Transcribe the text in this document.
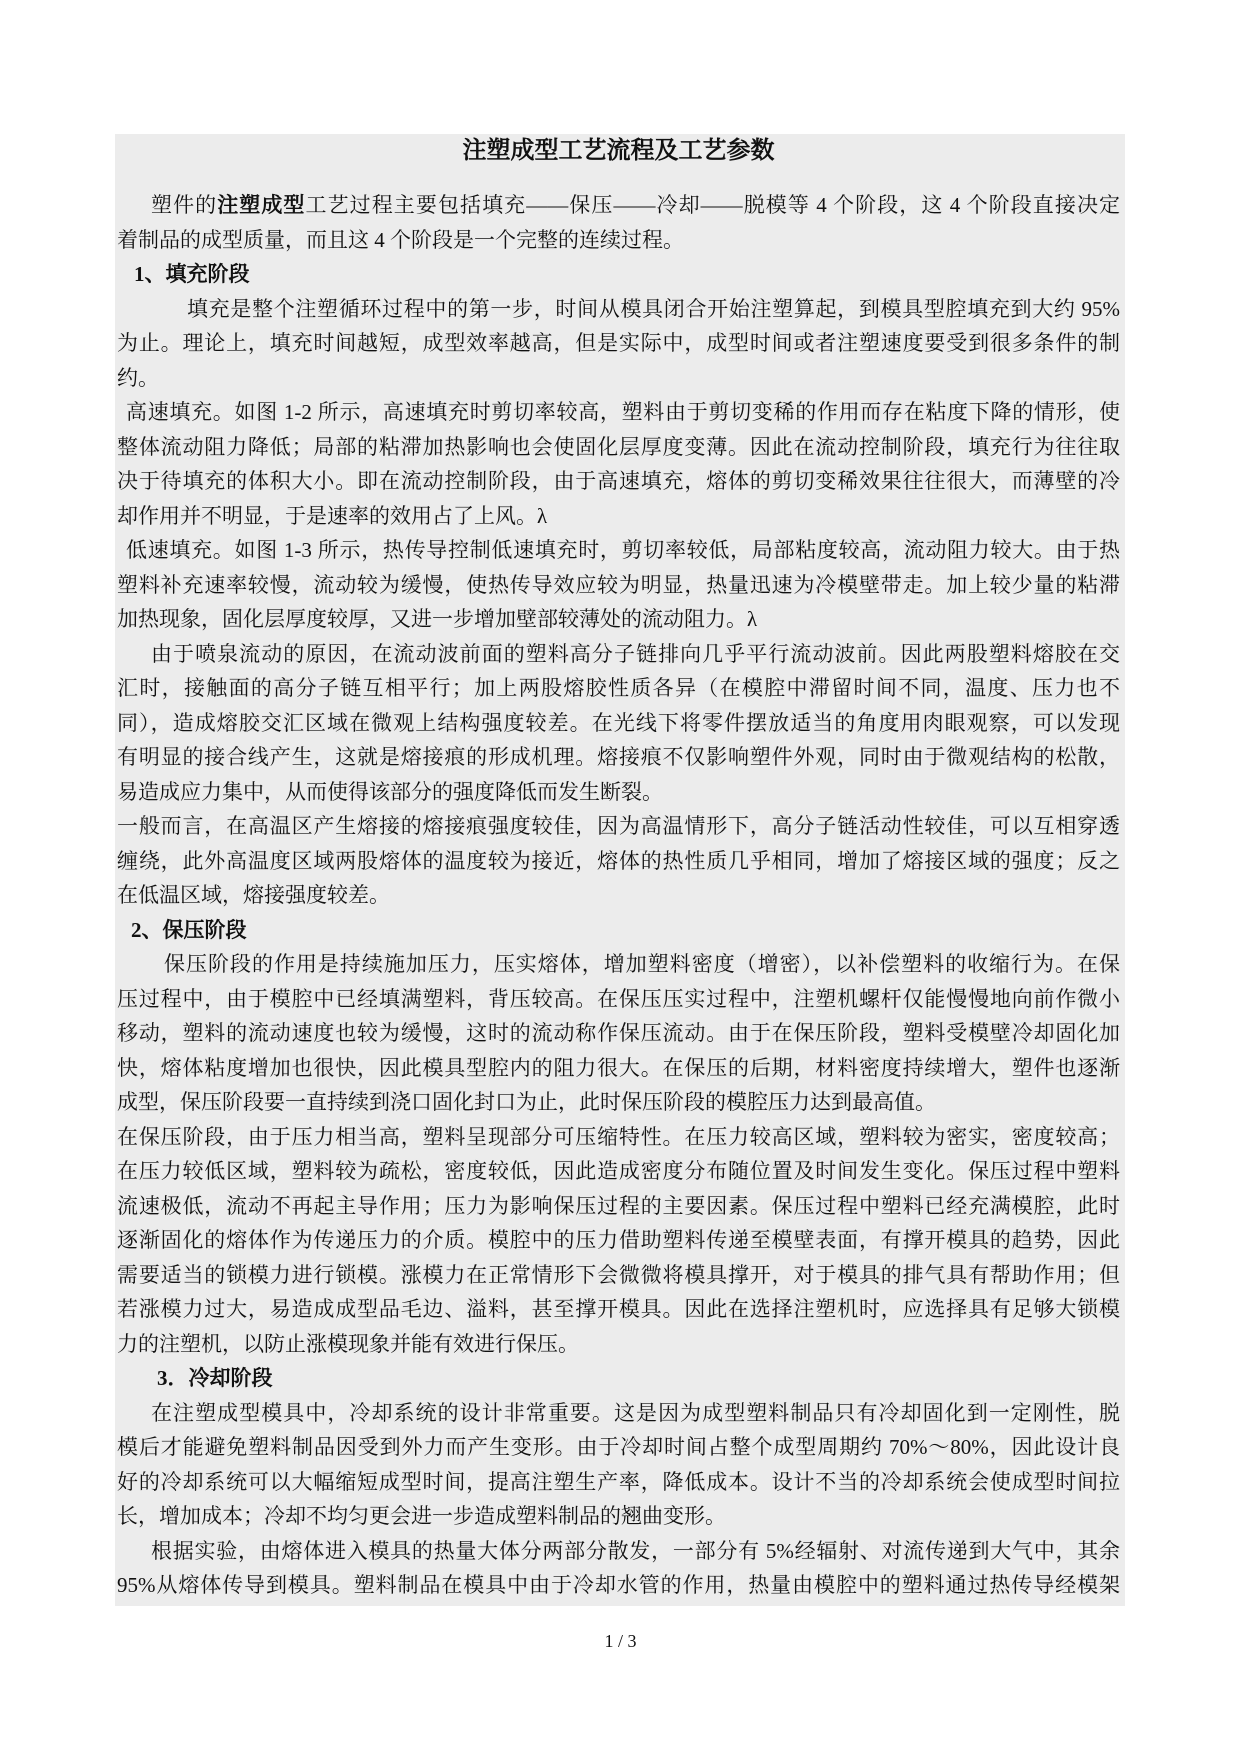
注塑成型工艺流程及工艺参数
塑件的注塑成型工艺过程主要包括填充——保压——冷却——脱模等 4 个阶段，这 4 个阶段直接决定
着制品的成型质量，而且这 4 个阶段是一个完整的连续过程。
1、填充阶段
填充是整个注塑循环过程中的第一步，时间从模具闭合开始注塑算起，到模具型腔填充到大约 95%
为止。理论上，填充时间越短，成型效率越高，但是实际中，成型时间或者注塑速度要受到很多条件的制
约。
高速填充。如图 1-2 所示，高速填充时剪切率较高，塑料由于剪切变稀的作用而存在粘度下降的情形，使
整体流动阻力降低；局部的粘滞加热影响也会使固化层厚度变薄。因此在流动控制阶段，填充行为往往取
决于待填充的体积大小。即在流动控制阶段，由于高速填充，熔体的剪切变稀效果往往很大，而薄壁的冷
却作用并不明显，于是速率的效用占了上风。λ
低速填充。如图 1-3 所示，热传导控制低速填充时，剪切率较低，局部粘度较高，流动阻力较大。由于热
塑料补充速率较慢，流动较为缓慢，使热传导效应较为明显，热量迅速为冷模壁带走。加上较少量的粘滞
加热现象，固化层厚度较厚，又进一步增加壁部较薄处的流动阻力。λ
由于喷泉流动的原因，在流动波前面的塑料高分子链排向几乎平行流动波前。因此两股塑料熔胶在交
汇时，接触面的高分子链互相平行；加上两股熔胶性质各异（在模腔中滞留时间不同，温度、压力也不
同），造成熔胶交汇区域在微观上结构强度较差。在光线下将零件摆放适当的角度用肉眼观察，可以发现
有明显的接合线产生，这就是熔接痕的形成机理。熔接痕不仅影响塑件外观，同时由于微观结构的松散，
易造成应力集中，从而使得该部分的强度降低而发生断裂。
一般而言，在高温区产生熔接的熔接痕强度较佳，因为高温情形下，高分子链活动性较佳，可以互相穿透
缠绕，此外高温度区域两股熔体的温度较为接近，熔体的热性质几乎相同，增加了熔接区域的强度；反之
在低温区域，熔接强度较差。
2、保压阶段
保压阶段的作用是持续施加压力，压实熔体，增加塑料密度（增密），以补偿塑料的收缩行为。在保
压过程中，由于模腔中已经填满塑料，背压较高。在保压压实过程中，注塑机螺杆仅能慢慢地向前作微小
移动，塑料的流动速度也较为缓慢，这时的流动称作保压流动。由于在保压阶段，塑料受模壁冷却固化加
快，熔体粘度增加也很快，因此模具型腔内的阻力很大。在保压的后期，材料密度持续增大，塑件也逐渐
成型，保压阶段要一直持续到浇口固化封口为止，此时保压阶段的模腔压力达到最高值。
在保压阶段，由于压力相当高，塑料呈现部分可压缩特性。在压力较高区域，塑料较为密实，密度较高；
在压力较低区域，塑料较为疏松，密度较低，因此造成密度分布随位置及时间发生变化。保压过程中塑料
流速极低，流动不再起主导作用；压力为影响保压过程的主要因素。保压过程中塑料已经充满模腔，此时
逐渐固化的熔体作为传递压力的介质。模腔中的压力借助塑料传递至模壁表面，有撑开模具的趋势，因此
需要适当的锁模力进行锁模。涨模力在正常情形下会微微将模具撑开，对于模具的排气具有帮助作用；但
若涨模力过大，易造成成型品毛边、溢料，甚至撑开模具。因此在选择注塑机时，应选择具有足够大锁模
力的注塑机，以防止涨模现象并能有效进行保压。
3．冷却阶段
在注塑成型模具中，冷却系统的设计非常重要。这是因为成型塑料制品只有冷却固化到一定刚性，脱
模后才能避免塑料制品因受到外力而产生变形。由于冷却时间占整个成型周期约 70%～80%，因此设计良
好的冷却系统可以大幅缩短成型时间，提高注塑生产率，降低成本。设计不当的冷却系统会使成型时间拉
长，增加成本；冷却不均匀更会进一步造成塑料制品的翘曲变形。
根据实验，由熔体进入模具的热量大体分两部分散发，一部分有 5%经辐射、对流传递到大气中，其余
95%从熔体传导到模具。塑料制品在模具中由于冷却水管的作用，热量由模腔中的塑料通过热传导经模架
1 / 3
